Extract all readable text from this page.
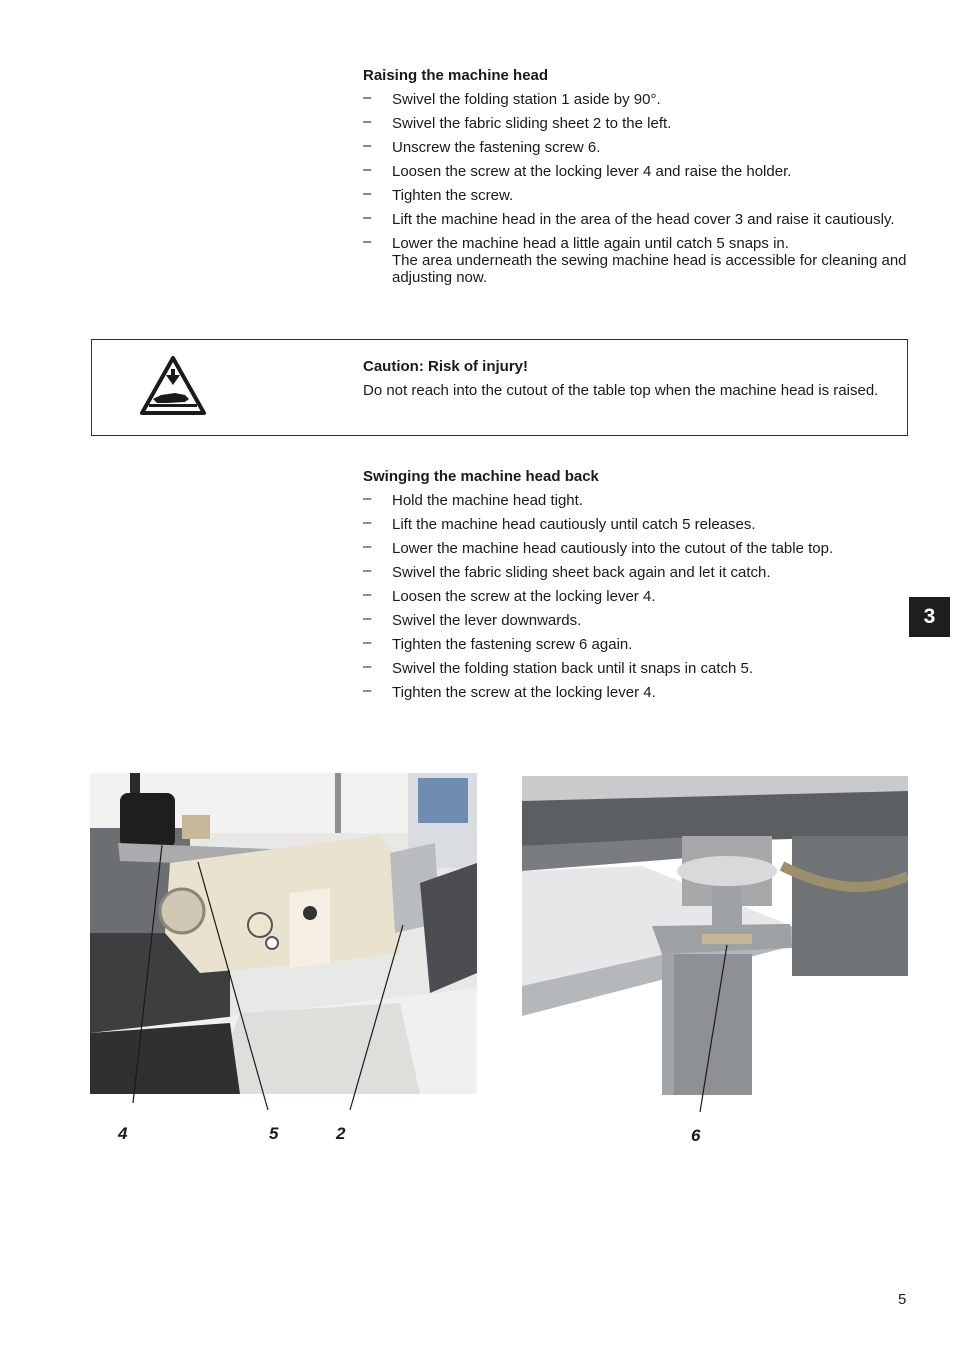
Raising the machine head
– Swivel the folding station 1 aside by 90°.
– Swivel the fabric sliding sheet 2 to the left.
– Unscrew the fastening screw 6.
– Loosen the screw at the locking lever 4 and raise the holder.
– Tighten the screw.
– Lift the machine head in the area of the head cover 3 and raise it cautiously.
– Lower the machine head a little again until catch 5 snaps in.
The area underneath the sewing machine head is accessible for cleaning and adjusting now.
Caution: Risk of injury!
Do not reach into the cutout of the table top when the machine head is raised.
Swinging the machine head back
– Hold the machine head tight.
– Lift the machine head cautiously until catch 5 releases.
– Lower the machine head cautiously into the cutout of the table top.
– Swivel the fabric sliding sheet back again and let it catch.
– Loosen the screw at the locking lever 4.
– Swivel the lever downwards.
– Tighten the fastening screw 6 again.
– Swivel the folding station back until it snaps in catch 5.
– Tighten the screw at the locking lever 4.
3
4	5	2	6
5
